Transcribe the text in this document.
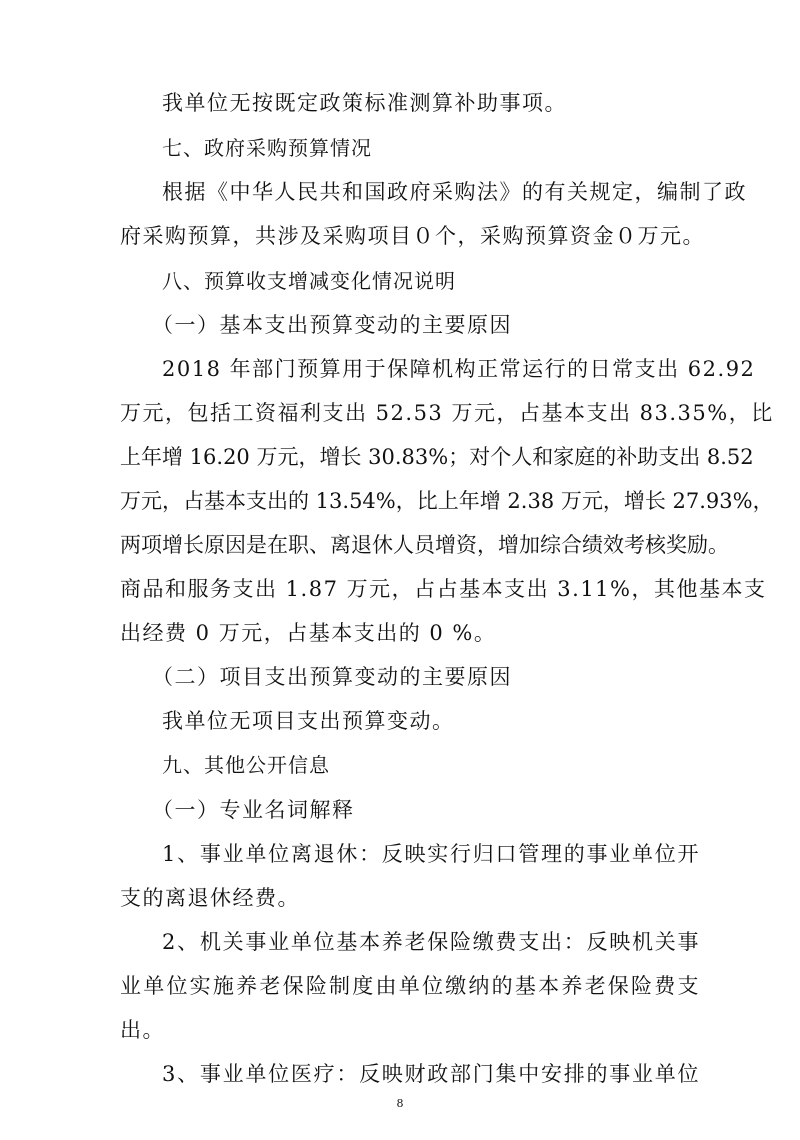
我单位无按既定政策标准测算补助事项。
七、政府采购预算情况
根据《中华人民共和国政府采购法》的有关规定，编制了政
府采购预算，共涉及采购项目０个，采购预算资金０万元。
八、预算收支增减变化情况说明
（一）基本支出预算变动的主要原因
2018 年部门预算用于保障机构正常运行的日常支出 62.92
万元，包括工资福利支出 52.53 万元，占基本支出 83.35%，比
上年增 16.20 万元，增长 30.83%；对个人和家庭的补助支出 8.52
万元，占基本支出的 13.54%，比上年增 2.38 万元，增长 27.93%，
两项增长原因是在职、离退休人员增资，增加综合绩效考核奖励。
商品和服务支出 1.87 万元，占占基本支出 3.11%，其他基本支
出经费 0 万元，占基本支出的 0 %。
（二）项目支出预算变动的主要原因
我单位无项目支出预算变动。
九、其他公开信息
（一）专业名词解释
1、事业单位离退休：反映实行归口管理的事业单位开
支的离退休经费。
2、机关事业单位基本养老保险缴费支出：反映机关事
业单位实施养老保险制度由单位缴纳的基本养老保险费支
出。
3、事业单位医疗：反映财政部门集中安排的事业单位
8
